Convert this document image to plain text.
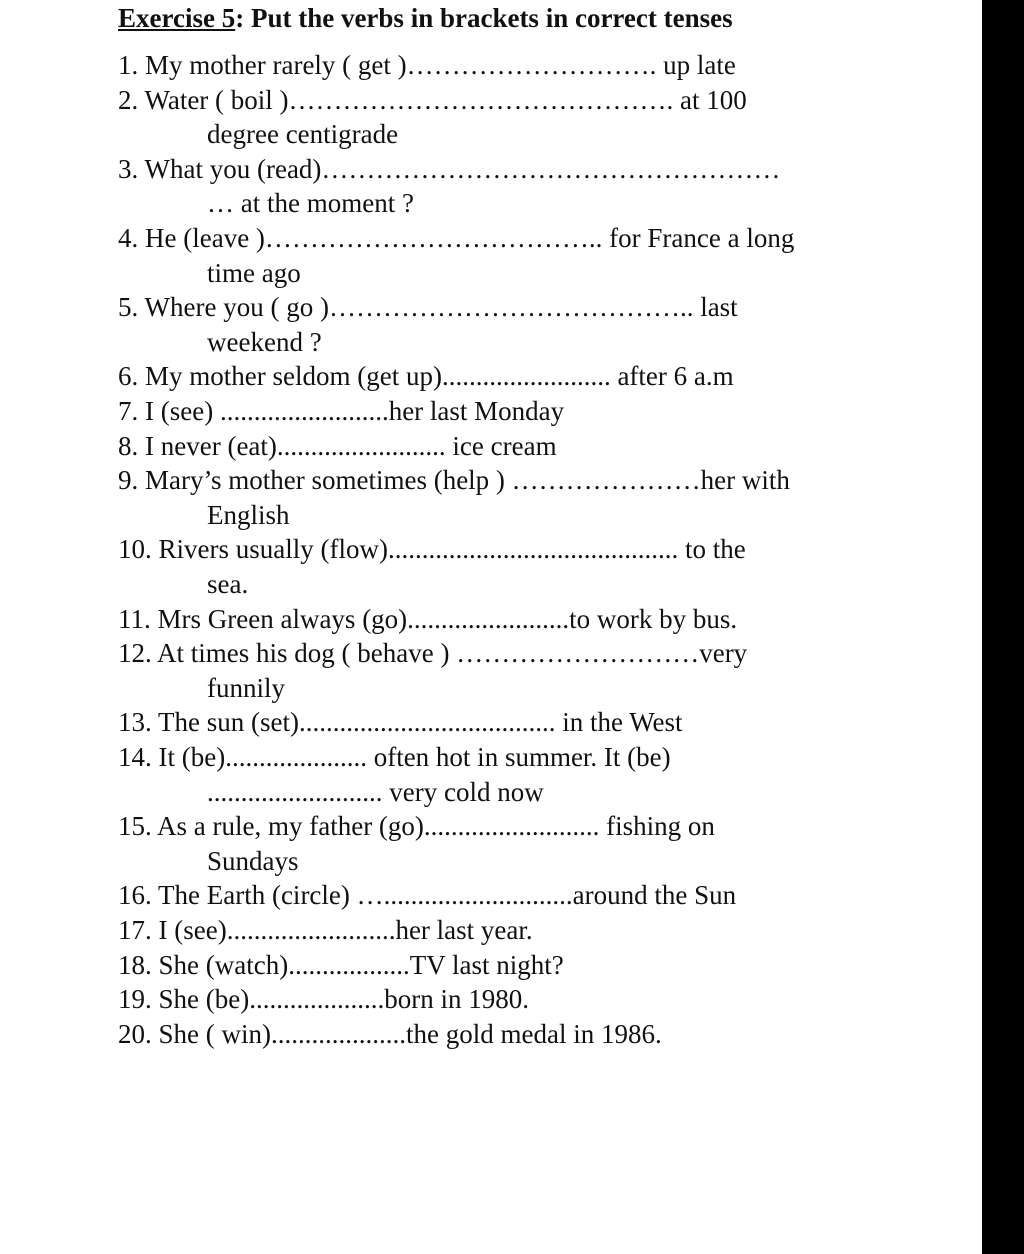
Exercise 5: Put the verbs in brackets in correct tenses
1. My mother rarely ( get )………………………. up late
2. Water ( boil )……………………………………. at 100
degree centigrade
3. What you (read)……………………………………………
… at the moment ?
4. He (leave )……………………………….. for France a long
time ago
5. Where you ( go )………………………………….. last
weekend ?
6. My mother seldom (get up)......................... after 6 a.m
7. I (see) .........................her last Monday
8. I never (eat)......................... ice cream
9. Mary’s mother sometimes (help ) …………………her with
English
10. Rivers usually (flow)........................................... to the
sea.
11. Mrs Green always (go)........................to work by bus.
12. At times his dog ( behave ) ………………………very
funnily
13. The sun (set)...................................... in the West
14. It (be)..................... often hot in summer. It (be)
.......................... very cold now
15. As a rule, my father (go).......................... fishing on
Sundays
16. The Earth (circle) …............................around the Sun
17. I (see).........................her last year.
18. She (watch)..................TV last night?
19. She (be)....................born in 1980.
20. She ( win)....................the gold medal in 1986.
